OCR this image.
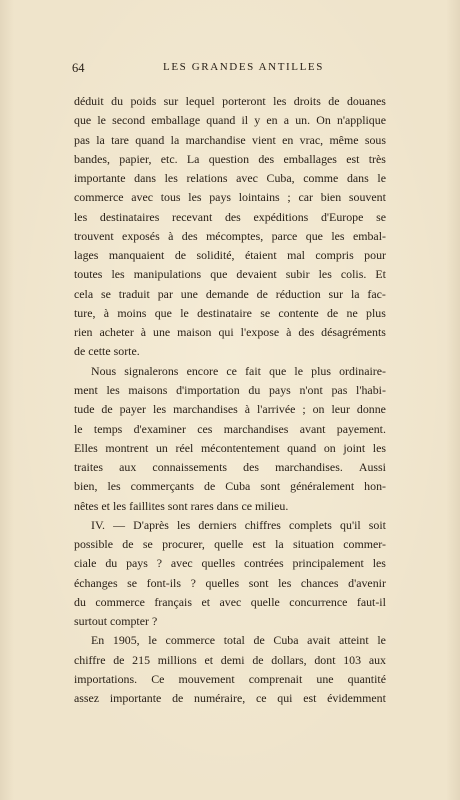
64	LES GRANDES ANTILLES
déduit du poids sur lequel porteront les droits de douanes
que le second emballage quand il y en a un. On n'applique
pas la tare quand la marchandise vient en vrac, même sous
bandes, papier, etc. La question des emballages est très
importante dans les relations avec Cuba, comme dans le
commerce avec tous les pays lointains ; car bien souvent
les destinataires recevant des expéditions d'Europe se
trouvent exposés à des mécomptes, parce que les embal-
lages manquaient de solidité, étaient mal compris pour
toutes les manipulations que devaient subir les colis. Et
cela se traduit par une demande de réduction sur la fac-
ture, à moins que le destinataire se contente de ne plus
rien acheter à une maison qui l'expose à des désagréments
de cette sorte.
Nous signalerons encore ce fait que le plus ordinaire-
ment les maisons d'importation du pays n'ont pas l'habi-
tude de payer les marchandises à l'arrivée ; on leur donne
le temps d'examiner ces marchandises avant payement.
Elles montrent un réel mécontentement quand on joint les
traites aux connaissements des marchandises. Aussi
bien, les commerçants de Cuba sont généralement hon-
nêtes et les faillites sont rares dans ce milieu.
IV. — D'après les derniers chiffres complets qu'il soit
possible de se procurer, quelle est la situation commer-
ciale du pays ? avec quelles contrées principalement les
échanges se font-ils ? quelles sont les chances d'avenir
du commerce français et avec quelle concurrence faut-il
surtout compter ?
En 1905, le commerce total de Cuba avait atteint le
chiffre de 215 millions et demi de dollars, dont 103 aux
importations. Ce mouvement comprenait une quantité
assez importante de numéraire, ce qui est évidemment
